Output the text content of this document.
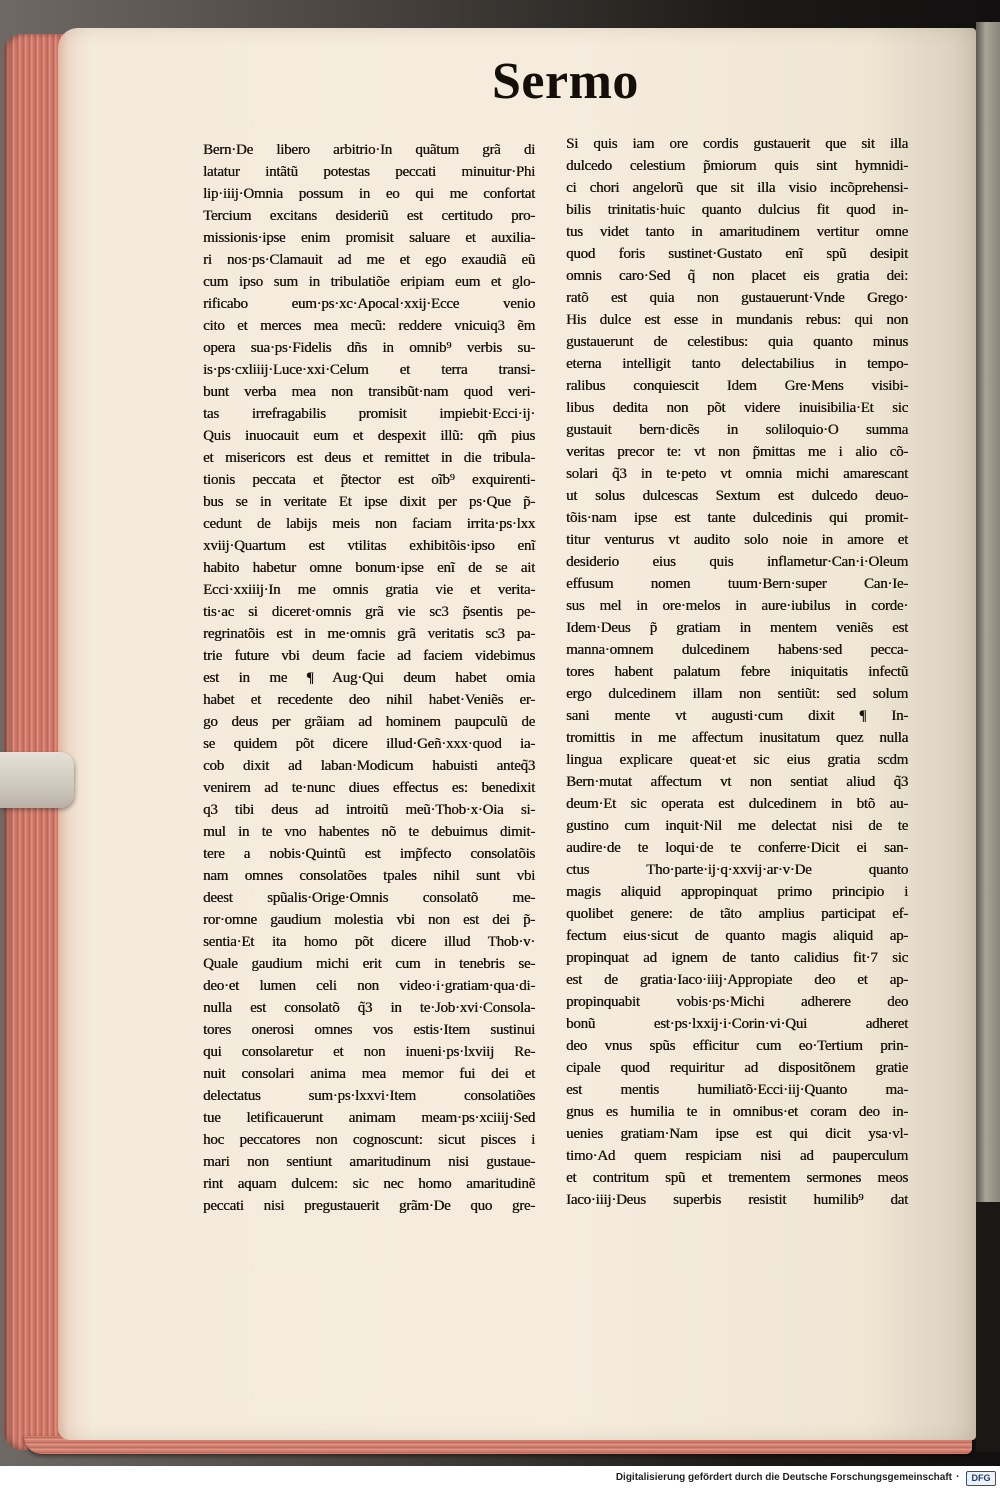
Sermo
Bern·De libero arbitrio·In quãtum grã di
latatur intãtũ potestas peccati minuitur·Phi
lip·iiij·Omnia possum in eo qui me confortat
Tercium excitans desideriũ est certitudo pro-
missionis·ipse enim promisit saluare et auxilia-
ri nos·ps·Clamauit ad me et ego exaudiã eũ
cum ipso sum in tribulatiõe eripiam eum et glo-
rificabo eum·ps·xc·Apocal·xxij·Ecce venio
cito et merces mea mecũ: reddere vnicuiq3 ẽm
opera sua·ps·Fidelis dñs in omnib⁹ verbis su-
is·ps·cxliiij·Luce·xxi·Celum et terra transi-
bunt verba mea non transibũt·nam quod veri-
tas irrefragabilis promisit impiebit·Ecci·ij·
Quis inuocauit eum et despexit illũ: qm̃ pius
et misericors est deus et remittet in die tribula-
tionis peccata et p̃tector est oĩb⁹ exquirenti-
bus se in veritate Et ipse dixit per ps·Que p̃-
cedunt de labijs meis non faciam irrita·ps·lxx
xviij·Quartum est vtilitas exhibitõis·ipso enĩ
habito habetur omne bonum·ipse enĩ de se ait
Ecci·xxiiij·In me omnis gratia vie et verita-
tis·ac si diceret·omnis grã vie sc3 p̃sentis pe-
regrinatõis est in me·omnis grã veritatis sc3 pa-
trie future vbi deum facie ad faciem videbimus
est in me ¶ Aug·Qui deum habet omia
habet et recedente deo nihil habet·Veniẽs er-
go deus per grãiam ad hominem paupculũ de
se quidem põt dicere illud·Geñ·xxx·quod ia-
cob dixit ad laban·Modicum habuisti anteq̃3
venirem ad te·nunc diues effectus es: benedixit
q3 tibi deus ad introitũ meũ·Thob·x·Oia si-
mul in te vno habentes nõ te debuimus dimit-
tere a nobis·Quintũ est imp̃fecto consolatõis
nam omnes consolatões tpales nihil sunt vbi
deest spũalis·Orige·Omnis consolatõ me-
ror·omne gaudium molestia vbi non est dei p̃-
sentia·Et ita homo põt dicere illud Thob·v·
Quale gaudium michi erit cum in tenebris se-
deo·et lumen celi non video·i·gratiam·qua·di-
nulla est consolatõ q̃3 in te·Job·xvi·Consola-
tores onerosi omnes vos estis·Item sustinui
qui consolaretur et non inueni·ps·lxviij Re-
nuit consolari anima mea memor fui dei et
delectatus sum·ps·lxxvi·Item consolatiões
tue letificauerunt animam meam·ps·xciiij·Sed
hoc peccatores non cognoscunt: sicut pisces i
mari non sentiunt amaritudinum nisi gustaue-
rint aquam dulcem: sic nec homo amaritudinẽ
peccati nisi pregustauerit grãm·De quo gre-
Si quis iam ore cordis gustauerit que sit illa
dulcedo celestium p̃miorum quis sint hymnidi-
ci chori angelorũ que sit illa visio incõprehensi-
bilis trinitatis·huic quanto dulcius fit quod in-
tus videt tanto in amaritudinem vertitur omne
quod foris sustinet·Gustato enĩ spũ desipit
omnis caro·Sed q̃ non placet eis gratia dei:
ratõ est quia non gustauerunt·Vnde Grego·
His dulce est esse in mundanis rebus: qui non
gustauerunt de celestibus: quia quanto minus
eterna intelligit tanto delectabilius in tempo-
ralibus conquiescit Idem Gre·Mens visibi-
libus dedita non põt videre inuisibilia·Et sic
gustauit bern·dicẽs in soliloquio·O summa
veritas precor te: vt non p̃mittas me i alio cõ-
solari q̃3 in te·peto vt omnia michi amarescant
ut solus dulcescas Sextum est dulcedo deuo-
tõis·nam ipse est tante dulcedinis qui promit-
titur venturus vt audito solo noie in amore et
desiderio eius quis inflametur·Can·i·Oleum
effusum nomen tuum·Bern·super Can·Ie-
sus mel in ore·melos in aure·iubilus in corde·
Idem·Deus p̃ gratiam in mentem veniẽs est
manna·omnem dulcedinem habens·sed pecca-
tores habent palatum febre iniquitatis infectũ
ergo dulcedinem illam non sentiũt: sed solum
sani mente vt augusti·cum dixit ¶ In-
tromittis in me affectum inusitatum quez nulla
lingua explicare queat·et sic eius gratia scdm
Bern·mutat affectum vt non sentiat aliud q̃3
deum·Et sic operata est dulcedinem in btõ au-
gustino cum inquit·Nil me delectat nisi de te
audire·de te loqui·de te conferre·Dicit ei san-
ctus Tho·parte·ij·q·xxvij·ar·v·De quanto
magis aliquid appropinquat primo principio i
quolibet genere: de tãto amplius participat ef-
fectum eius·sicut de quanto magis aliquid ap-
propinquat ad ignem de tanto calidius fit·7 sic
est de gratia·Iaco·iiij·Appropiate deo et ap-
propinquabit vobis·ps·Michi adherere deo
bonũ est·ps·lxxij·i·Corin·vi·Qui adheret
deo vnus spũs efficitur cum eo·Tertium prin-
cipale quod requiritur ad dispositõnem gratie
est mentis humiliatõ·Ecci·iij·Quanto ma-
gnus es humilia te in omnibus·et coram deo in-
uenies gratiam·Nam ipse est qui dicit ysa·vl-
timo·Ad quem respiciam nisi ad pauperculum
et contritum spũ et trementem sermones meos
Iaco·iiij·Deus superbis resistit humilib⁹ dat
Digitalisierung gefördert durch die Deutsche Forschungsgemeinschaft ·	DFG
